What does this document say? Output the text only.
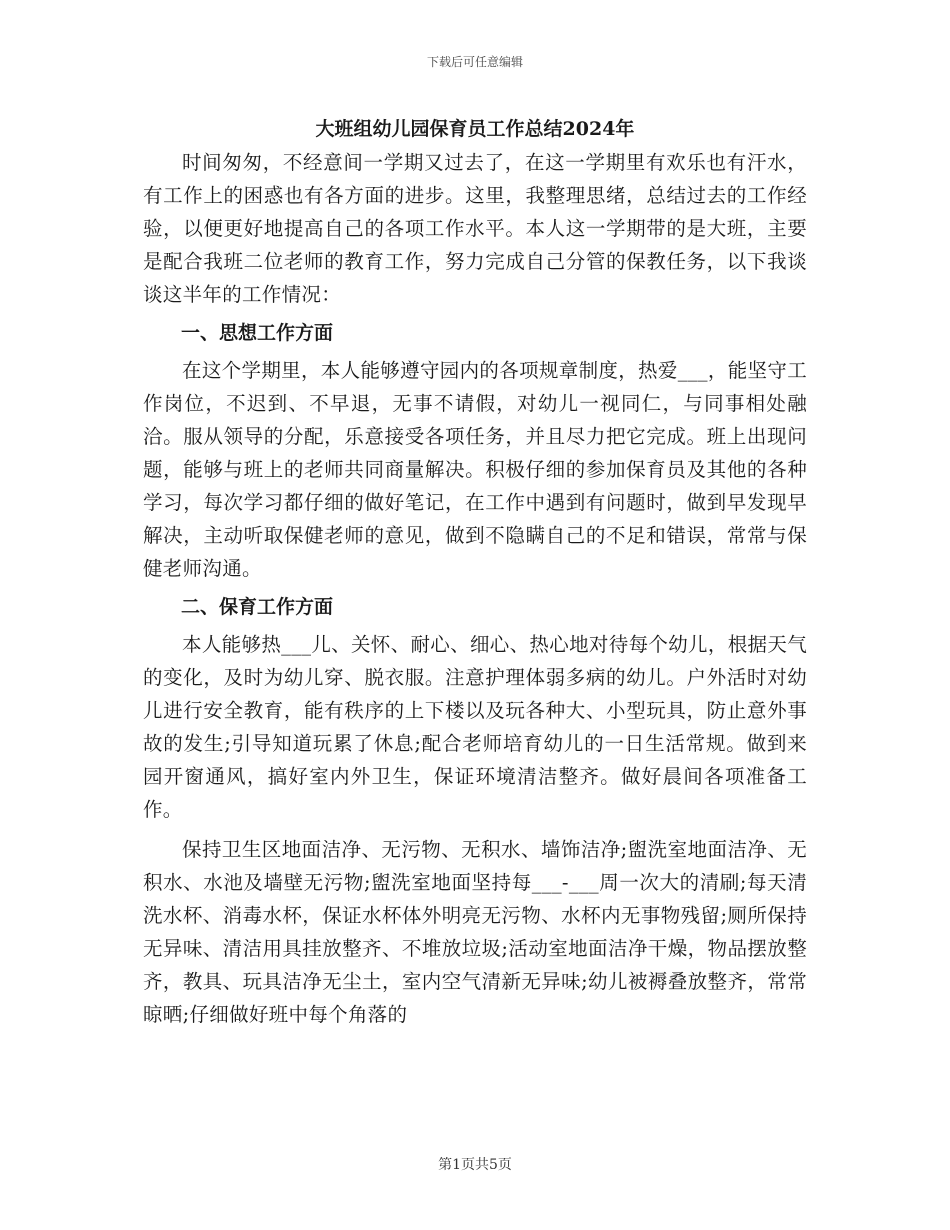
下载后可任意编辑
大班组幼儿园保育员工作总结2024年

时间匆匆，不经意间一学期又过去了，在这一学期里有欢乐也有汗水，有工作上的困惑也有各方面的进步。这里，我整理思绪，总结过去的工作经验，以便更好地提高自己的各项工作水平。本人这一学期带的是大班，主要是配合我班二位老师的教育工作，努力完成自己分管的保教任务，以下我谈谈这半年的工作情况：

一、思想工作方面

在这个学期里，本人能够遵守园内的各项规章制度，热爱___，能坚守工作岗位，不迟到、不早退，无事不请假，对幼儿一视同仁，与同事相处融洽。服从领导的分配，乐意接受各项任务，并且尽力把它完成。班上出现问题，能够与班上的老师共同商量解决。积极仔细的参加保育员及其他的各种学习，每次学习都仔细的做好笔记，在工作中遇到有问题时，做到早发现早解决，主动听取保健老师的意见，做到不隐瞒自己的不足和错误，常常与保健老师沟通。

二、保育工作方面

本人能够热___儿、关怀、耐心、细心、热心地对待每个幼儿，根据天气的变化，及时为幼儿穿、脱衣服。注意护理体弱多病的幼儿。户外活时对幼儿进行安全教育，能有秩序的上下楼以及玩各种大、小型玩具，防止意外事故的发生;引导知道玩累了休息;配合老师培育幼儿的一日生活常规。做到来园开窗通风，搞好室内外卫生，保证环境清洁整齐。做好晨间各项准备工作。

保持卫生区地面洁净、无污物、无积水、墙饰洁净;盥洗室地面洁净、无积水、水池及墙壁无污物;盥洗室地面坚持每___-___周一次大的清刷;每天清洗水杯、消毒水杯，保证水杯体外明亮无污物、水杯内无事物残留;厕所保持无异味、清洁用具挂放整齐、不堆放垃圾;活动室地面洁净干燥，物品摆放整齐，教具、玩具洁净无尘土，室内空气清新无异味;幼儿被褥叠放整齐，常常晾晒;仔细做好班中每个角落的

第1页共5页
